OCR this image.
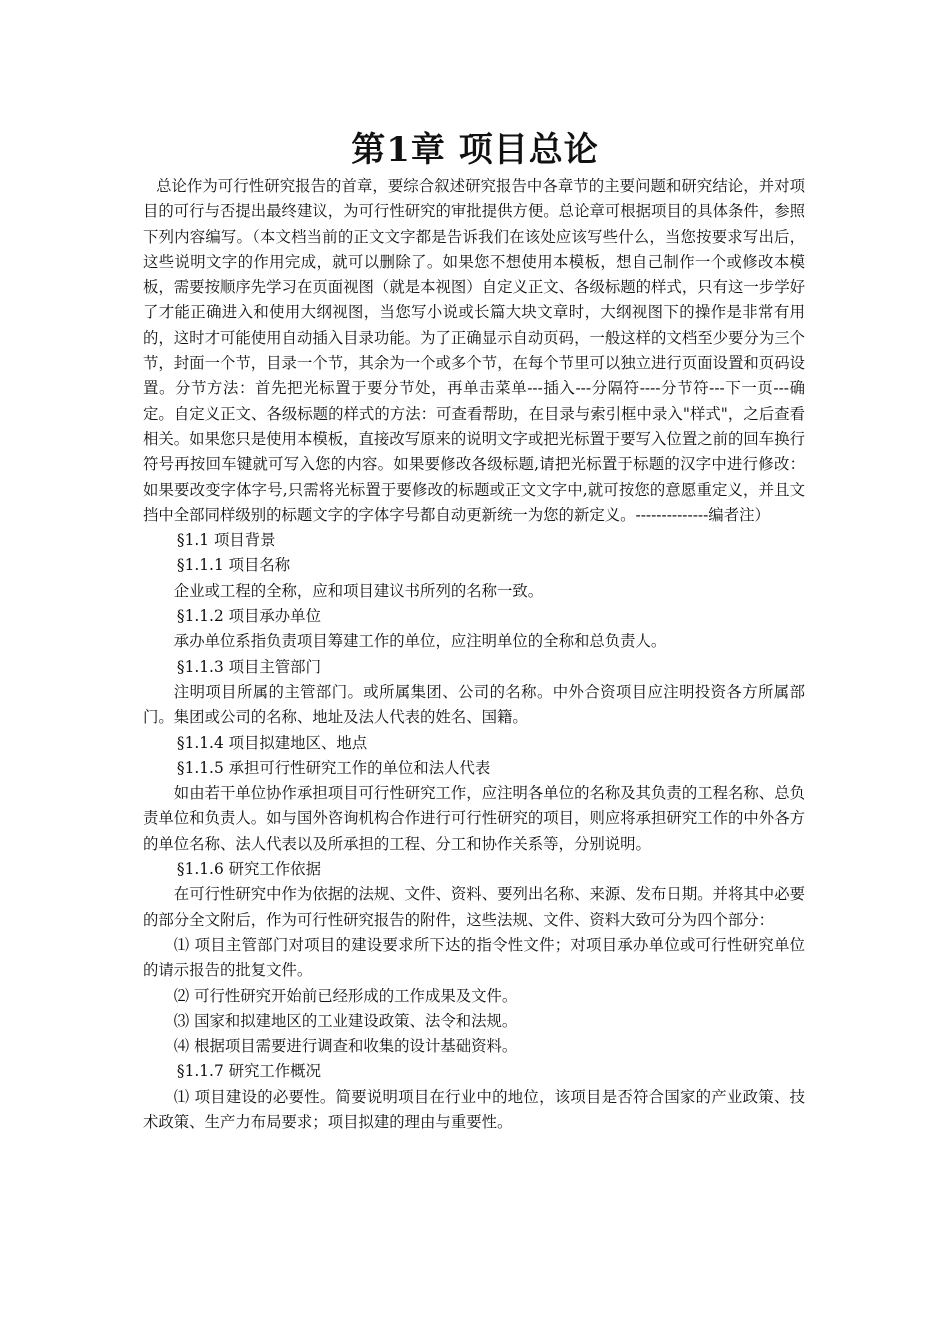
第1章 项目总论

总论作为可行性研究报告的首章，要综合叙述研究报告中各章节的主要问题和研究结论，并对项目的可行与否提出最终建议，为可行性研究的审批提供方便。总论章可根据项目的具体条件，参照下列内容编写。（本文档当前的正文文字都是告诉我们在该处应该写些什么，当您按要求写出后，这些说明文字的作用完成，就可以删除了。如果您不想使用本模板，想自己制作一个或修改本模板，需要按顺序先学习在页面视图（就是本视图）自定义正文、各级标题的样式，只有这一步学好了才能正确进入和使用大纲视图，当您写小说或长篇大块文章时，大纲视图下的操作是非常有用的，这时才可能使用自动插入目录功能。为了正确显示自动页码，一般这样的文档至少要分为三个节，封面一个节，目录一个节，其余为一个或多个节，在每个节里可以独立进行页面设置和页码设置。分节方法：首先把光标置于要分节处，再单击菜单---插入---分隔符----分节符---下一页---确定。自定义正文、各级标题的样式的方法：可查看帮助，在目录与索引框中录入"样式"，之后查看相关。如果您只是使用本模板，直接改写原来的说明文字或把光标置于要写入位置之前的回车换行符号再按回车键就可写入您的内容。如果要修改各级标题,请把光标置于标题的汉字中进行修改：如果要改变字体字号,只需将光标置于要修改的标题或正文文字中,就可按您的意愿重定义，并且文挡中全部同样级别的标题文字的字体字号都自动更新统一为您的新定义。--------------编者注）

§1.1 项目背景

§1.1.1 项目名称

企业或工程的全称，应和项目建议书所列的名称一致。

§1.1.2 项目承办单位

承办单位系指负责项目筹建工作的单位，应注明单位的全称和总负责人。

§1.1.3 项目主管部门

注明项目所属的主管部门。或所属集团、公司的名称。中外合资项目应注明投资各方所属部门。集团或公司的名称、地址及法人代表的姓名、国籍。

§1.1.4 项目拟建地区、地点

§1.1.5 承担可行性研究工作的单位和法人代表

如由若干单位协作承担项目可行性研究工作，应注明各单位的名称及其负责的工程名称、总负责单位和负责人。如与国外咨询机构合作进行可行性研究的项目，则应将承担研究工作的中外各方的单位名称、法人代表以及所承担的工程、分工和协作关系等，分别说明。

§1.1.6 研究工作依据

在可行性研究中作为依据的法规、文件、资料、要列出名称、来源、发布日期。并将其中必要的部分全文附后，作为可行性研究报告的附件，这些法规、文件、资料大致可分为四个部分：

⑴ 项目主管部门对项目的建设要求所下达的指令性文件；对项目承办单位或可行性研究单位的请示报告的批复文件。

⑵ 可行性研究开始前已经形成的工作成果及文件。

⑶ 国家和拟建地区的工业建设政策、法令和法规。

⑷ 根据项目需要进行调查和收集的设计基础资料。

§1.1.7 研究工作概况

⑴ 项目建设的必要性。简要说明项目在行业中的地位，该项目是否符合国家的产业政策、技术政策、生产力布局要求；项目拟建的理由与重要性。
